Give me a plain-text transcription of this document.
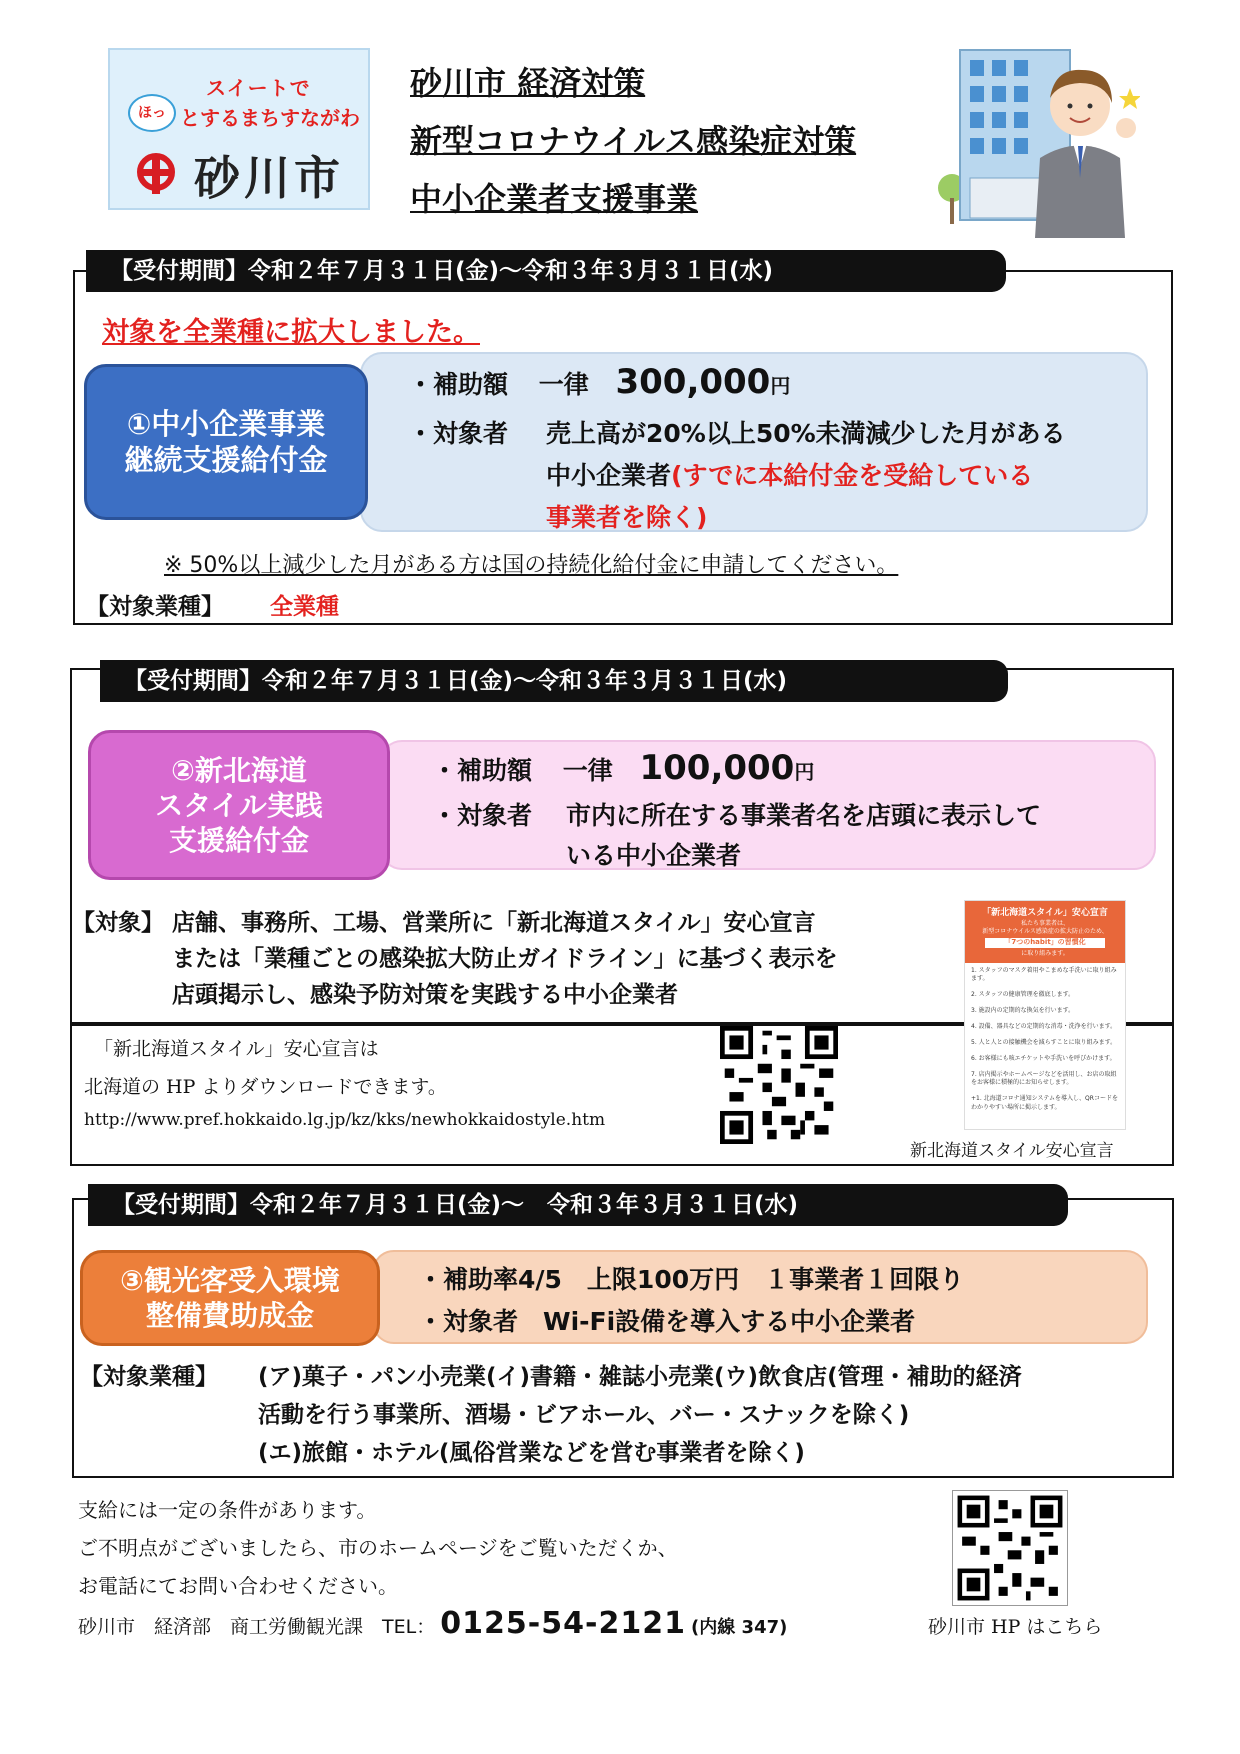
スイートで
ほっ とするまちすながわ
砂川市
砂川市 経済対策
新型コロナウイルス感染症対策
中小企業者支援事業
【受付期間】令和２年７月３１日(金)～令和３年３月３１日(水)
対象を全業種に拡大しました。
①中小企業事業
継続支援給付金
・補助額 一律 300,000円
・対象者 売上高が20%以上50%未満減少した月がある
中小企業者(すでに本給付金を受給している
事業者を除く)
※ 50%以上減少した月がある方は国の持続化給付金に申請してください。
【対象業種】 全業種
【受付期間】令和２年７月３１日(金)～令和３年３月３１日(水)
②新北海道
スタイル実践
支援給付金
・補助額 一律 100,000円
・対象者 市内に所在する事業者名を店頭に表示して
いる中小企業者
【対象】 店舗、事務所、工場、営業所に「新北海道スタイル」安心宣言
または「業種ごとの感染拡大防止ガイドライン」に基づく表示を
店頭掲示し、感染予防対策を実践する中小企業者
「新北海道スタイル」安心宣言は
北海道の HP よりダウンロードできます。
http://www.pref.hokkaido.lg.jp/kz/kks/newhokkaidostyle.htm
「新北海道スタイル」安心宣言
私たち事業者は、
新型コロナウイルス感染症の拡大防止のため、
「7つのhabit」の習慣化
に取り組みます。
1. スタッフのマスク着用やこまめな手洗いに取り組みます。
2. スタッフの健康管理を徹底します。
3. 施設内の定期的な換気を行います。
4. 設備、器具などの定期的な消毒・洗浄を行います。
5. 人と人との接触機会を減らすことに取り組みます。
6. お客様にも咳エチケットや手洗いを呼びかけます。
7. 店内掲示やホームページなどを活用し、お店の取組をお客様に積極的にお知らせします。
+1. 北海道コロナ通知システムを導入し、QRコードをわかりやすい場所に掲示します。
新北海道スタイル安心宣言
【受付期間】令和２年７月３１日(金)～　令和３年３月３１日(水)
③観光客受入環境
整備費助成金
・補助率4/5　上限100万円　１事業者１回限り
・対象者　Wi-Fi設備を導入する中小企業者
【対象業種】 (ア)菓子・パン小売業(イ)書籍・雑誌小売業(ウ)飲食店(管理・補助的経済
活動を行う事業所、酒場・ビアホール、バー・スナックを除く)
(エ)旅館・ホテル(風俗営業などを営む事業者を除く)
支給には一定の条件があります。
ご不明点がございましたら、市のホームページをご覧いただくか、
お電話にてお問い合わせください。
砂川市　経済部　商工労働観光課　TEL： 0125-54-2121 (内線 347)	砂川市 HP はこちら
